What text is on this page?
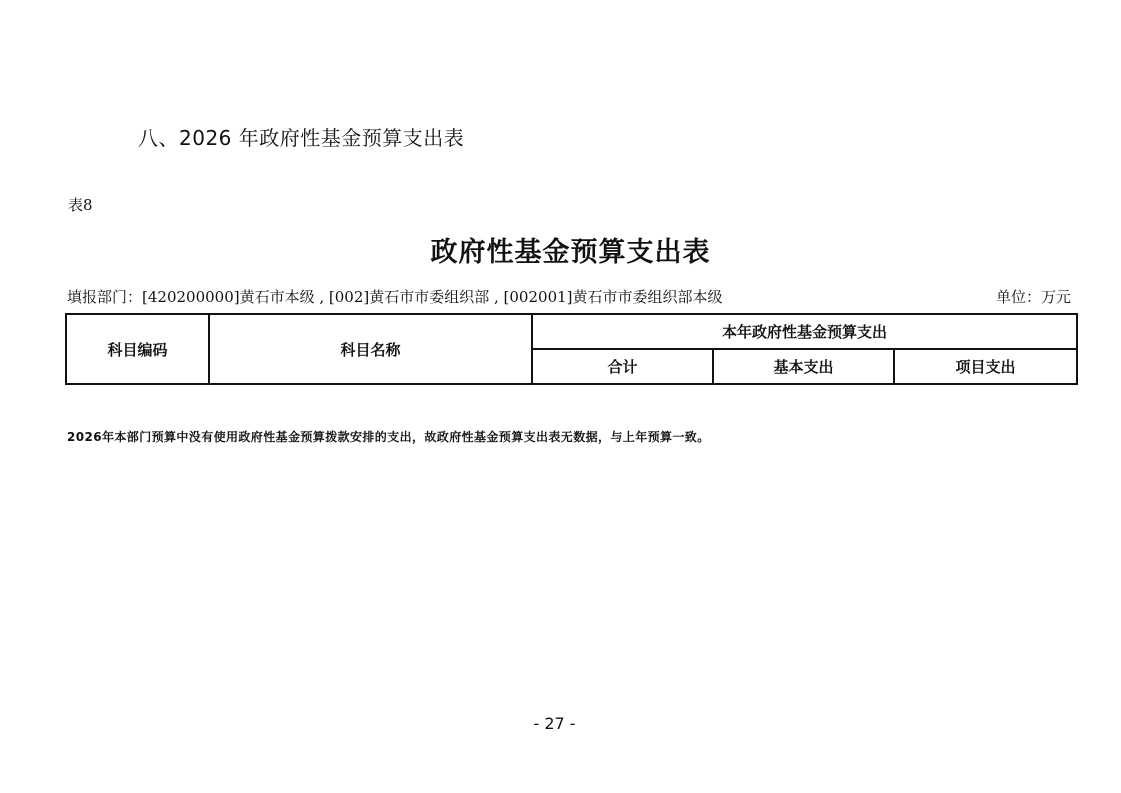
八、2026 年政府性基金预算支出表
表8
政府性基金预算支出表
填报部门：[420200000]黄石市本级 , [002]黄石市市委组织部 , [002001]黄石市市委组织部本级	单位：万元
科目编码	科目名称	本年政府性基金预算支出		
		合计	基本支出	项目支出
2026年本部门预算中没有使用政府性基金预算拨款安排的支出，故政府性基金预算支出表无数据，与上年预算一致。
- 27 -
